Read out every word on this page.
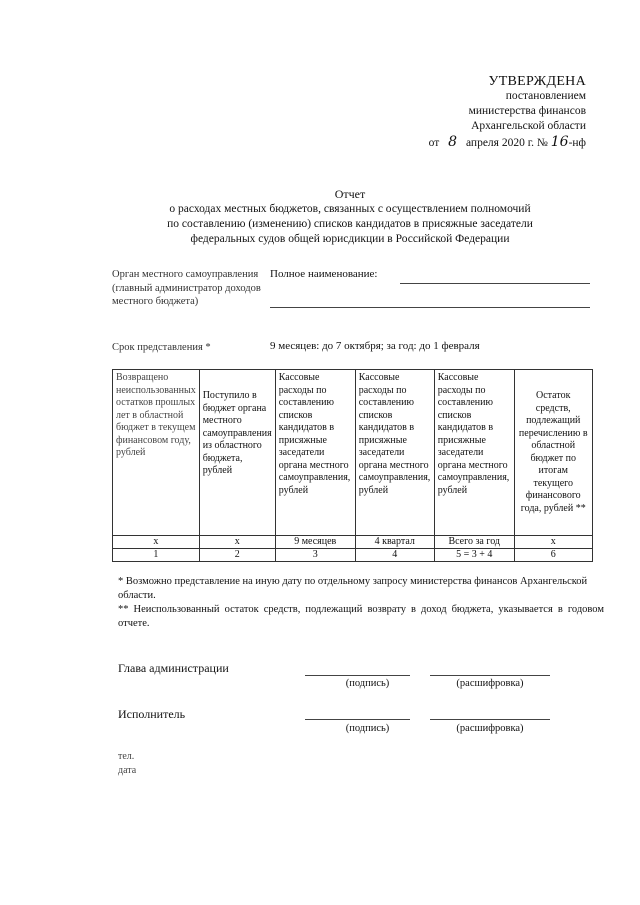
УТВЕРЖДЕНА
постановлением
министерства финансов
Архангельской области
от 8 апреля 2020 г. № 16-нф
Отчет
о расходах местных бюджетов, связанных с осуществлением полномочий
по составлению (изменению) списков кандидатов в присяжные заседатели
федеральных судов общей юрисдикции в Российской Федерации
Орган местного самоуправления (главный администратор доходов местного бюджета)
Полное наименование:
Срок представления *	9 месяцев: до 7 октября; за год: до 1 февраля
Возвращено неиспользованных остатков прошлых лет в областной бюджет в текущем финансовом году, рублей	Поступило в бюджет органа местного самоуправления из областного бюджета, рублей	Кассовые расходы по составлению списков кандидатов в присяжные заседатели органа местного самоуправления, рублей	Кассовые расходы по составлению списков кандидатов в присяжные заседатели органа местного самоуправления, рублей	Кассовые расходы по составлению списков кандидатов в присяжные заседатели органа местного самоуправления, рублей	Остаток средств, подлежащий перечислению в областной бюджет по итогам текущего финансового года, рублей **
x	x	9 месяцев	4 квартал	Всего за год	x
1	2	3	4	5 = 3 + 4	6
* Возможно представление на иную дату по отдельному запросу министерства финансов Архангельской области.
** Неиспользованный остаток средств, подлежащий возврату в доход бюджета, указывается в годовом отчете.
Глава администрации
(подпись)	(расшифровка)
Исполнитель
(подпись)	(расшифровка)
тел.
дата
